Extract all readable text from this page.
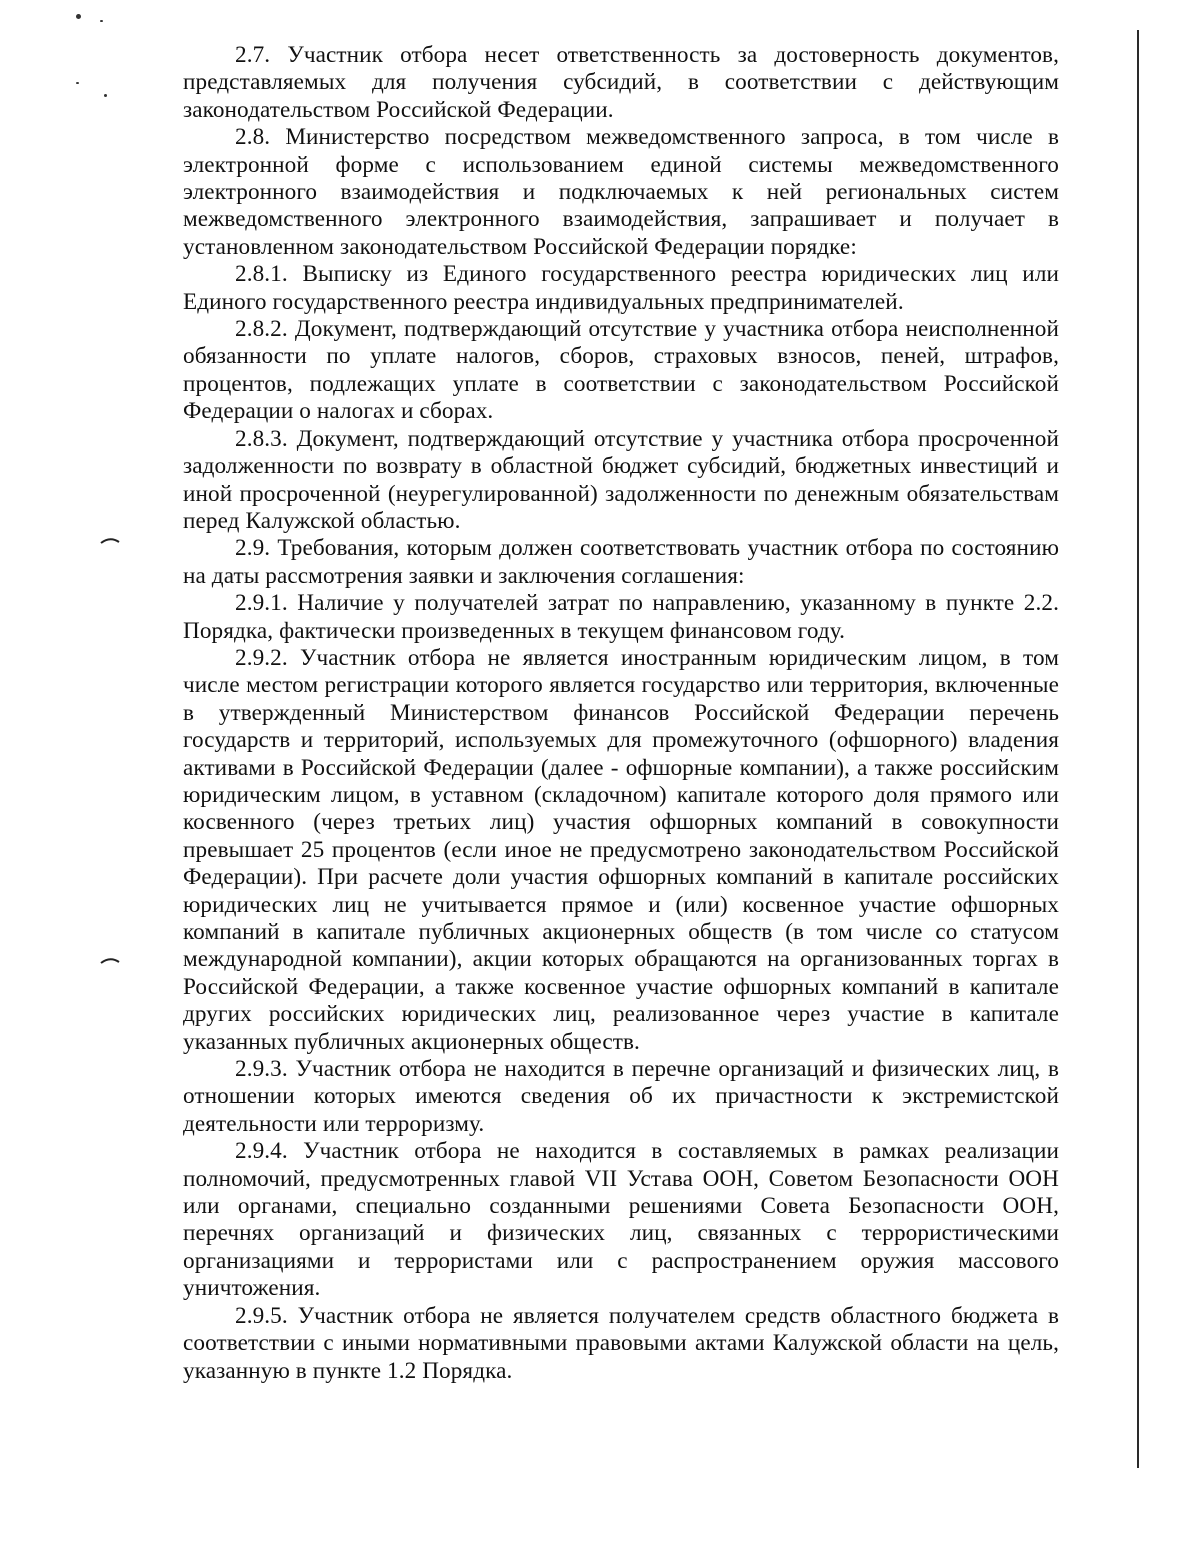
2.7. Участник отбора несет ответственность за достоверность документов, представляемых для получения субсидий, в соответствии с действующим законодательством Российской Федерации.

2.8. Министерство посредством межведомственного запроса, в том числе в электронной форме с использованием единой системы межведомственного электронного взаимодействия и подключаемых к ней региональных систем межведомственного электронного взаимодействия, запрашивает и получает в установленном законодательством Российской Федерации порядке:

2.8.1. Выписку из Единого государственного реестра юридических лиц или Единого государственного реестра индивидуальных предпринимателей.

2.8.2. Документ, подтверждающий отсутствие у участника отбора неисполненной обязанности по уплате налогов, сборов, страховых взносов, пеней, штрафов, процентов, подлежащих уплате в соответствии с законодательством Российской Федерации о налогах и сборах.

2.8.3. Документ, подтверждающий отсутствие у участника отбора просроченной задолженности по возврату в областной бюджет субсидий, бюджетных инвестиций и иной просроченной (неурегулированной) задолженности по денежным обязательствам перед Калужской областью.

2.9. Требования, которым должен соответствовать участник отбора по состоянию на даты рассмотрения заявки и заключения соглашения:

2.9.1. Наличие у получателей затрат по направлению, указанному в пункте 2.2. Порядка, фактически произведенных в текущем финансовом году.

2.9.2. Участник отбора не является иностранным юридическим лицом, в том числе местом регистрации которого является государство или территория, включенные в утвержденный Министерством финансов Российской Федерации перечень государств и территорий, используемых для промежуточного (офшорного) владения активами в Российской Федерации (далее - офшорные компании), а также российским юридическим лицом, в уставном (складочном) капитале которого доля прямого или косвенного (через третьих лиц) участия офшорных компаний в совокупности превышает 25 процентов (если иное не предусмотрено законодательством Российской Федерации). При расчете доли участия офшорных компаний в капитале российских юридических лиц не учитывается прямое и (или) косвенное участие офшорных компаний в капитале публичных акционерных обществ (в том числе со статусом международной компании), акции которых обращаются на организованных торгах в Российской Федерации, а также косвенное участие офшорных компаний в капитале других российских юридических лиц, реализованное через участие в капитале указанных публичных акционерных обществ.

2.9.3. Участник отбора не находится в перечне организаций и физических лиц, в отношении которых имеются сведения об их причастности к экстремистской деятельности или терроризму.

2.9.4. Участник отбора не находится в составляемых в рамках реализации полномочий, предусмотренных главой VII Устава ООН, Советом Безопасности ООН или органами, специально созданными решениями Совета Безопасности ООН, перечнях организаций и физических лиц, связанных с террористическими организациями и террористами или с распространением оружия массового уничтожения.

2.9.5. Участник отбора не является получателем средств областного бюджета в соответствии с иными нормативными правовыми актами Калужской области на цель, указанную в пункте 1.2 Порядка.
